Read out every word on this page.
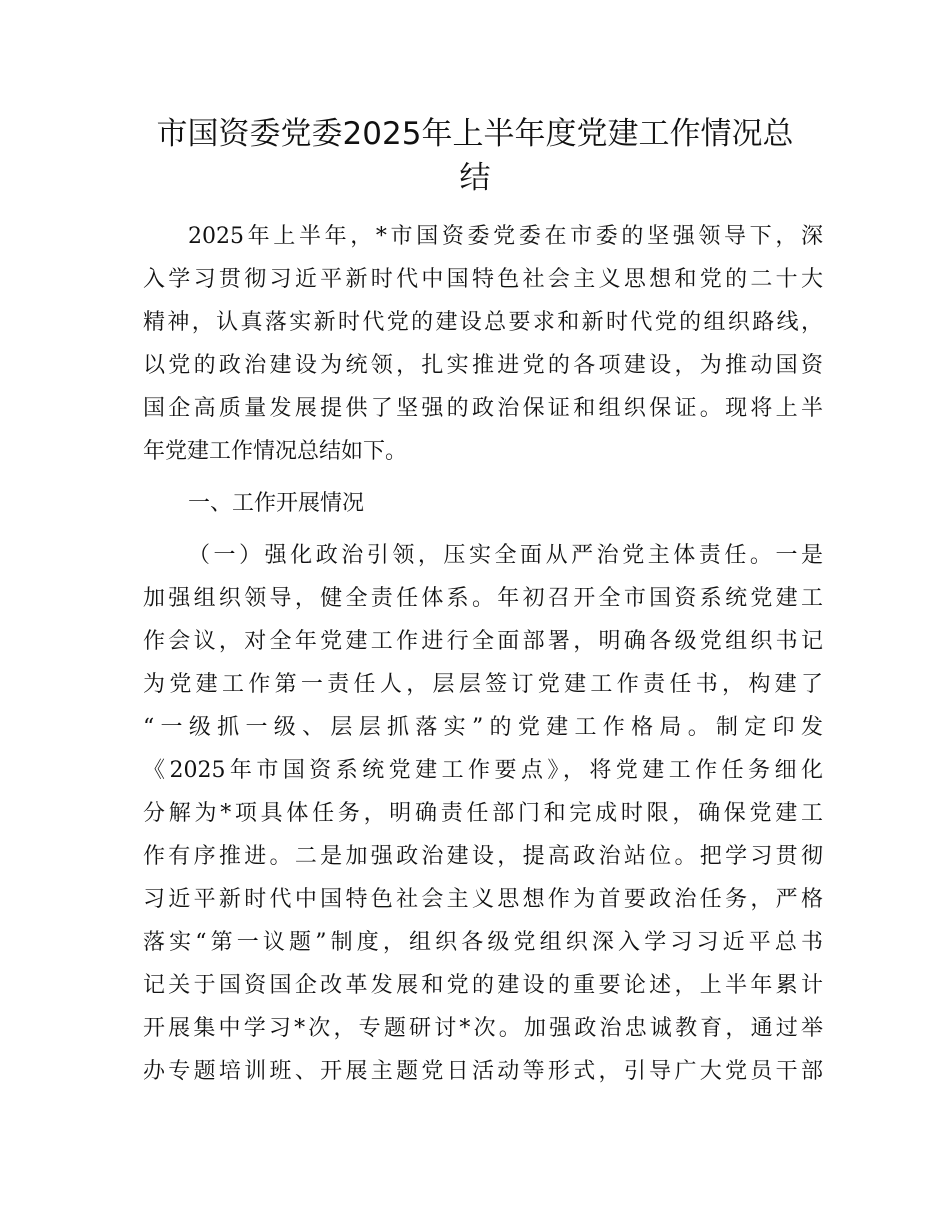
市国资委党委2025年上半年度党建工作情况总
结
2025年上半年，*市国资委党委在市委的坚强领导下，深
入学习贯彻习近平新时代中国特色社会主义思想和党的二十大
精神，认真落实新时代党的建设总要求和新时代党的组织路线，
以党的政治建设为统领，扎实推进党的各项建设，为推动国资
国企高质量发展提供了坚强的政治保证和组织保证。现将上半
年党建工作情况总结如下。
一、工作开展情况
（一）强化政治引领，压实全面从严治党主体责任。一是
加强组织领导，健全责任体系。年初召开全市国资系统党建工
作会议，对全年党建工作进行全面部署，明确各级党组织书记
为党建工作第一责任人，层层签订党建工作责任书，构建了
“一级抓一级、层层抓落实”的党建工作格局。制定印发
《2025年市国资系统党建工作要点》，将党建工作任务细化
分解为*项具体任务，明确责任部门和完成时限，确保党建工
作有序推进。二是加强政治建设，提高政治站位。把学习贯彻
习近平新时代中国特色社会主义思想作为首要政治任务，严格
落实“第一议题”制度，组织各级党组织深入学习习近平总书
记关于国资国企改革发展和党的建设的重要论述，上半年累计
开展集中学习*次，专题研讨*次。加强政治忠诚教育，通过举
办专题培训班、开展主题党日活动等形式，引导广大党员干部
